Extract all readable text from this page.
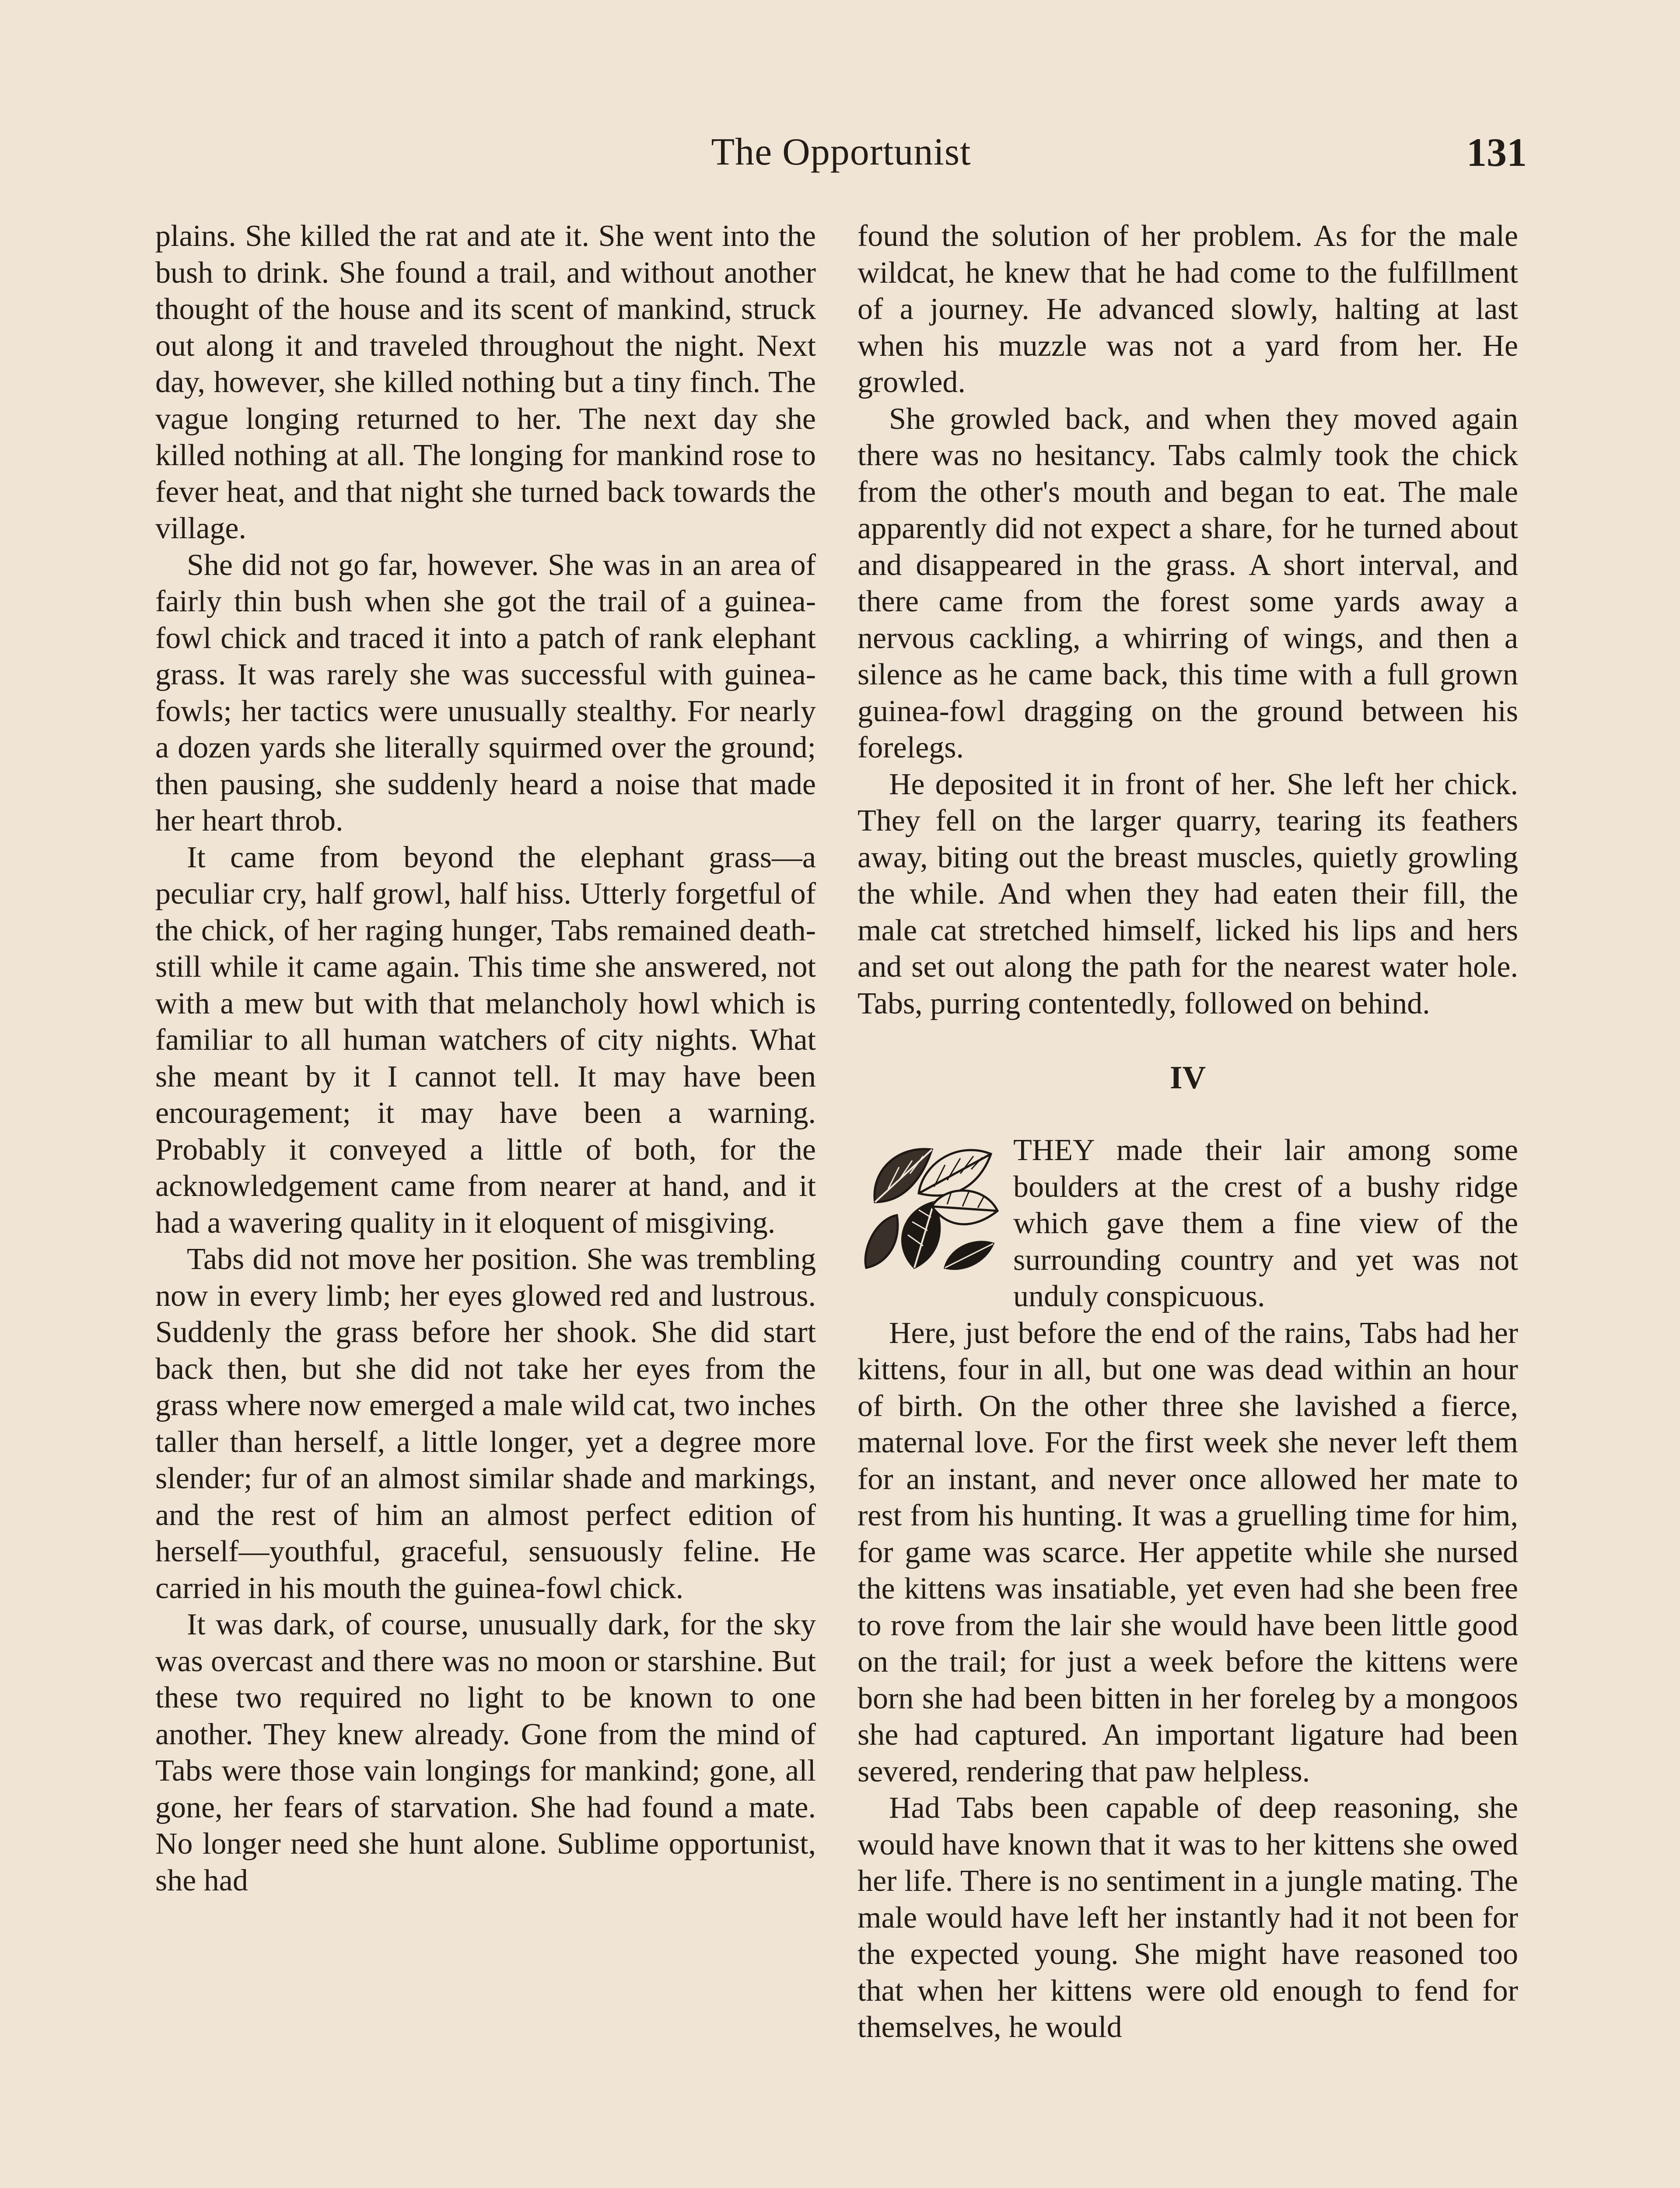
The Opportunist	131

plains. She killed the rat and ate it. She went into the bush to drink. She found a trail, and without another thought of the house and its scent of mankind, struck out along it and traveled throughout the night. Next day, however, she killed nothing but a tiny finch. The vague longing returned to her. The next day she killed nothing at all. The longing for mankind rose to fever heat, and that night she turned back towards the village.

She did not go far, however. She was in an area of fairly thin bush when she got the trail of a guinea-fowl chick and traced it into a patch of rank elephant grass. It was rarely she was successful with guinea-fowls; her tactics were unusually stealthy. For nearly a dozen yards she literally squirmed over the ground; then pausing, she suddenly heard a noise that made her heart throb.

It came from beyond the elephant grass—a peculiar cry, half growl, half hiss. Utterly forgetful of the chick, of her raging hunger, Tabs remained death-still while it came again. This time she answered, not with a mew but with that melancholy howl which is familiar to all human watchers of city nights. What she meant by it I cannot tell. It may have been encouragement; it may have been a warning. Probably it conveyed a little of both, for the acknowledgement came from nearer at hand, and it had a wavering quality in it eloquent of misgiving.

Tabs did not move her position. She was trembling now in every limb; her eyes glowed red and lustrous. Suddenly the grass before her shook. She did start back then, but she did not take her eyes from the grass where now emerged a male wild cat, two inches taller than herself, a little longer, yet a degree more slender; fur of an almost similar shade and markings, and the rest of him an almost perfect edition of herself—youthful, graceful, sensuously feline. He carried in his mouth the guinea-fowl chick.

It was dark, of course, unusually dark, for the sky was overcast and there was no moon or starshine. But these two required no light to be known to one another. They knew already. Gone from the mind of Tabs were those vain longings for mankind; gone, all gone, her fears of starvation. She had found a mate. No longer need she hunt alone. Sublime opportunist, she had

found the solution of her problem. As for the male wildcat, he knew that he had come to the fulfillment of a journey. He advanced slowly, halting at last when his muzzle was not a yard from her. He growled.

She growled back, and when they moved again there was no hesitancy. Tabs calmly took the chick from the other's mouth and began to eat. The male apparently did not expect a share, for he turned about and disappeared in the grass. A short interval, and there came from the forest some yards away a nervous cackling, a whirring of wings, and then a silence as he came back, this time with a full grown guinea-fowl dragging on the ground between his forelegs.

He deposited it in front of her. She left her chick. They fell on the larger quarry, tearing its feathers away, biting out the breast muscles, quietly growling the while. And when they had eaten their fill, the male cat stretched himself, licked his lips and hers and set out along the path for the nearest water hole. Tabs, purring contentedly, followed on behind.

IV

THEY made their lair among some boulders at the crest of a bushy ridge which gave them a fine view of the surrounding country and yet was not unduly conspicuous.

Here, just before the end of the rains, Tabs had her kittens, four in all, but one was dead within an hour of birth. On the other three she lavished a fierce, maternal love. For the first week she never left them for an instant, and never once allowed her mate to rest from his hunting. It was a gruelling time for him, for game was scarce. Her appetite while she nursed the kittens was insatiable, yet even had she been free to rove from the lair she would have been little good on the trail; for just a week before the kittens were born she had been bitten in her foreleg by a mongoos she had captured. An important ligature had been severed, rendering that paw helpless.

Had Tabs been capable of deep reasoning, she would have known that it was to her kittens she owed her life. There is no sentiment in a jungle mating. The male would have left her instantly had it not been for the expected young. She might have reasoned too that when her kittens were old enough to fend for themselves, he would
